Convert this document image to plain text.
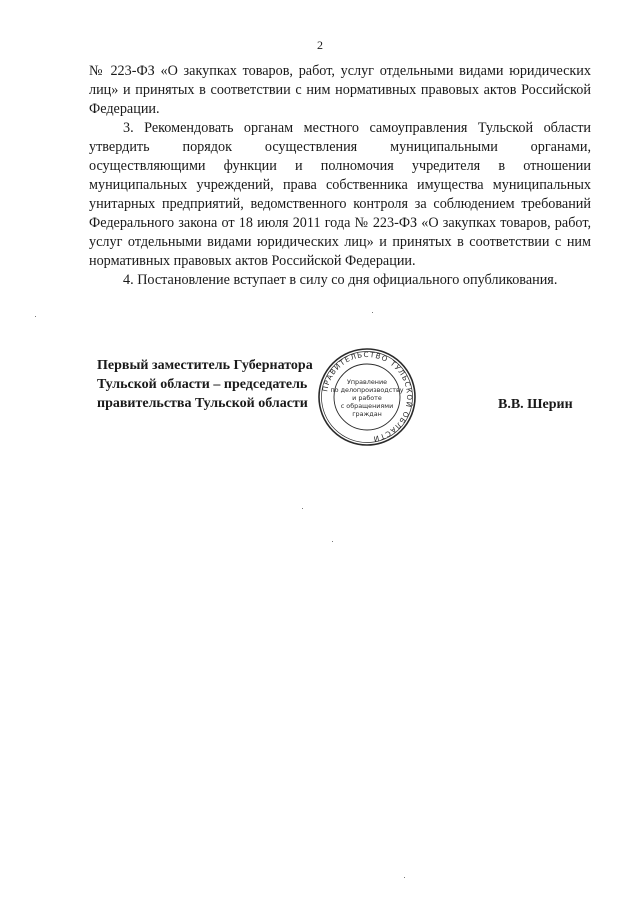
2

№ 223-ФЗ «О закупках товаров, работ, услуг отдельными видами юридических лиц» и принятых в соответствии с ним нормативных правовых актов Российской Федерации.

3. Рекомендовать органам местного самоуправления Тульской области утвердить порядок осуществления муниципальными органами, осуществляющими функции и полномочия учредителя в отношении муниципальных учреждений, права собственника имущества муниципальных унитарных предприятий, ведомственного контроля за соблюдением требований Федерального закона от 18 июля 2011 года № 223-ФЗ «О закупках товаров, работ, услуг отдельными видами юридических лиц» и принятых в соответствии с ним нормативных правовых актов Российской Федерации.

4. Постановление вступает в силу со дня официального опубликования.

Первый заместитель Губернатора
Тульской области – председатель
правительства Тульской области	В.В. Шерин
ПРАВИТЕЛЬСТВО ТУЛЬСКОЙ ОБЛАСТИ
Управление
по делопроизводству
и работе
с обращениями
граждан
